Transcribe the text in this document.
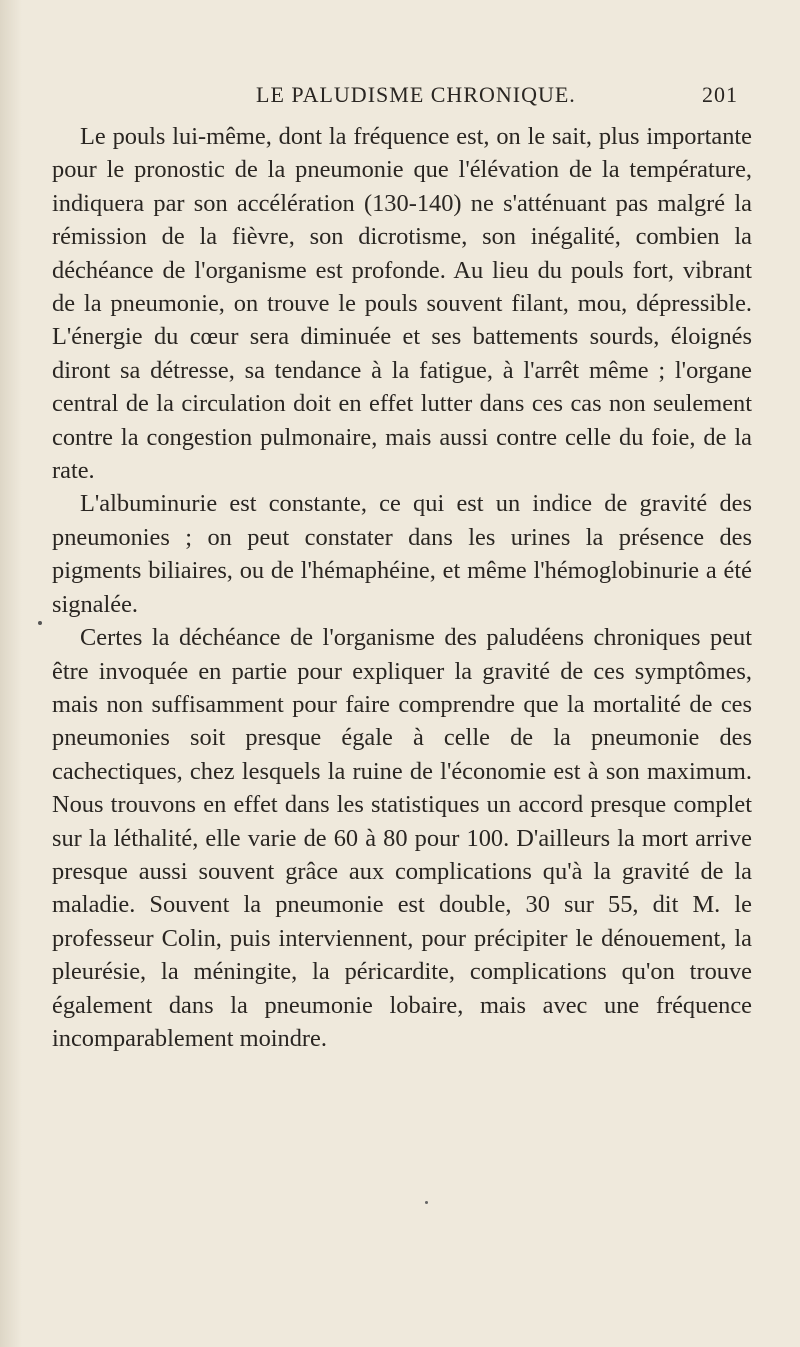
LE PALUDISME CHRONIQUE.	201

Le pouls lui-même, dont la fréquence est, on le sait, plus importante pour le pronostic de la pneumonie que l'élévation de la température, indiquera par son accélération (130-140) ne s'atténuant pas malgré la rémission de la fièvre, son dicrotisme, son inégalité, combien la déchéance de l'organisme est profonde. Au lieu du pouls fort, vibrant de la pneumonie, on trouve le pouls souvent filant, mou, dépressible. L'énergie du cœur sera diminuée et ses battements sourds, éloignés diront sa détresse, sa tendance à la fatigue, à l'arrêt même ; l'organe central de la circulation doit en effet lutter dans ces cas non seulement contre la congestion pulmonaire, mais aussi contre celle du foie, de la rate.

L'albuminurie est constante, ce qui est un indice de gravité des pneumonies ; on peut constater dans les urines la présence des pigments biliaires, ou de l'hémaphéine, et même l'hémoglobinurie a été signalée.

Certes la déchéance de l'organisme des paludéens chroniques peut être invoquée en partie pour expliquer la gravité de ces symptômes, mais non suffisamment pour faire comprendre que la mortalité de ces pneumonies soit presque égale à celle de la pneumonie des cachectiques, chez lesquels la ruine de l'économie est à son maximum. Nous trouvons en effet dans les statistiques un accord presque complet sur la léthalité, elle varie de 60 à 80 pour 100. D'ailleurs la mort arrive presque aussi souvent grâce aux complications qu'à la gravité de la maladie. Souvent la pneumonie est double, 30 sur 55, dit M. le professeur Colin, puis interviennent, pour précipiter le dénouement, la pleurésie, la méningite, la péricardite, complications qu'on trouve également dans la pneumonie lobaire, mais avec une fréquence incomparablement moindre.
